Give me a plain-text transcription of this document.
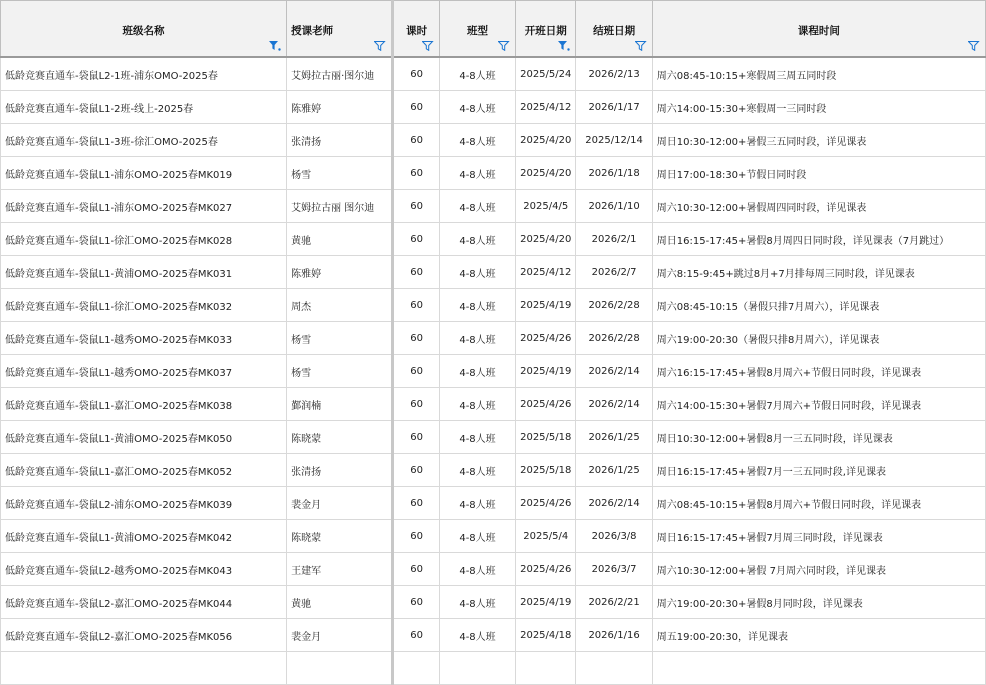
班级名称	授课老师	课时	班型	开班日期	结班日期	课程时间

低龄竞赛直通车-袋鼠L2-1班-浦东OMO-2025春	艾姆拉古丽·图尔迪	60	4-8人班	2025/5/24	2026/2/13	周六08:45-10:15+寒假周三周五同时段
低龄竞赛直通车-袋鼠L1-2班-线上-2025春	陈雅婷	60	4-8人班	2025/4/12	2026/1/17	周六14:00-15:30+寒假周一三同时段
低龄竞赛直通车-袋鼠L1-3班-徐汇OMO-2025春	张清扬	60	4-8人班	2025/4/20	2025/12/14	周日10:30-12:00+暑假三五同时段，详见课表
低龄竞赛直通车-袋鼠L1-浦东OMO-2025春MK019	杨雪	60	4-8人班	2025/4/20	2026/1/18	周日17:00-18:30+节假日同时段
低龄竞赛直通车-袋鼠L1-浦东OMO-2025春MK027	艾姆拉古丽 图尔迪	60	4-8人班	2025/4/5	2026/1/10	周六10:30-12:00+暑假周四同时段，详见课表
低龄竞赛直通车-袋鼠L1-徐汇OMO-2025春MK028	黄驰	60	4-8人班	2025/4/20	2026/2/1	周日16:15-17:45+暑假8月周四日同时段，详见课表（7月跳过）
低龄竞赛直通车-袋鼠L1-黄浦OMO-2025春MK031	陈雅婷	60	4-8人班	2025/4/12	2026/2/7	周六8:15-9:45+跳过8月+7月排每周三同时段，详见课表
低龄竞赛直通车-袋鼠L1-徐汇OMO-2025春MK032	周杰	60	4-8人班	2025/4/19	2026/2/28	周六08:45-10:15（暑假只排7月周六），详见课表
低龄竞赛直通车-袋鼠L1-越秀OMO-2025春MK033	杨雪	60	4-8人班	2025/4/26	2026/2/28	周六19:00-20:30（暑假只排8月周六），详见课表
低龄竞赛直通车-袋鼠L1-越秀OMO-2025春MK037	杨雪	60	4-8人班	2025/4/19	2026/2/14	周六16:15-17:45+暑假8月周六+节假日同时段，详见课表
低龄竞赛直通车-袋鼠L1-嘉汇OMO-2025春MK038	鄞润楠	60	4-8人班	2025/4/26	2026/2/14	周六14:00-15:30+暑假7月周六+节假日同时段，详见课表
低龄竞赛直通车-袋鼠L1-黄浦OMO-2025春MK050	陈晓蒙	60	4-8人班	2025/5/18	2026/1/25	周日10:30-12:00+暑假8月一三五同时段，详见课表
低龄竞赛直通车-袋鼠L1-嘉汇OMO-2025春MK052	张清扬	60	4-8人班	2025/5/18	2026/1/25	周日16:15-17:45+暑假7月一三五同时段,详见课表
低龄竞赛直通车-袋鼠L2-浦东OMO-2025春MK039	裴金月	60	4-8人班	2025/4/26	2026/2/14	周六08:45-10:15+暑假8月周六+节假日同时段，详见课表
低龄竞赛直通车-袋鼠L1-黄浦OMO-2025春MK042	陈晓蒙	60	4-8人班	2025/5/4	2026/3/8	周日16:15-17:45+暑假7月周三同时段，详见课表
低龄竞赛直通车-袋鼠L2-越秀OMO-2025春MK043	王建军	60	4-8人班	2025/4/26	2026/3/7	周六10:30-12:00+暑假 7月周六同时段，详见课表
低龄竞赛直通车-袋鼠L2-嘉汇OMO-2025春MK044	黄驰	60	4-8人班	2025/4/19	2026/2/21	周六19:00-20:30+暑假8月同时段，详见课表
低龄竞赛直通车-袋鼠L2-嘉汇OMO-2025春MK056	裴金月	60	4-8人班	2025/4/18	2026/1/16	周五19:00-20:30，详见课表
